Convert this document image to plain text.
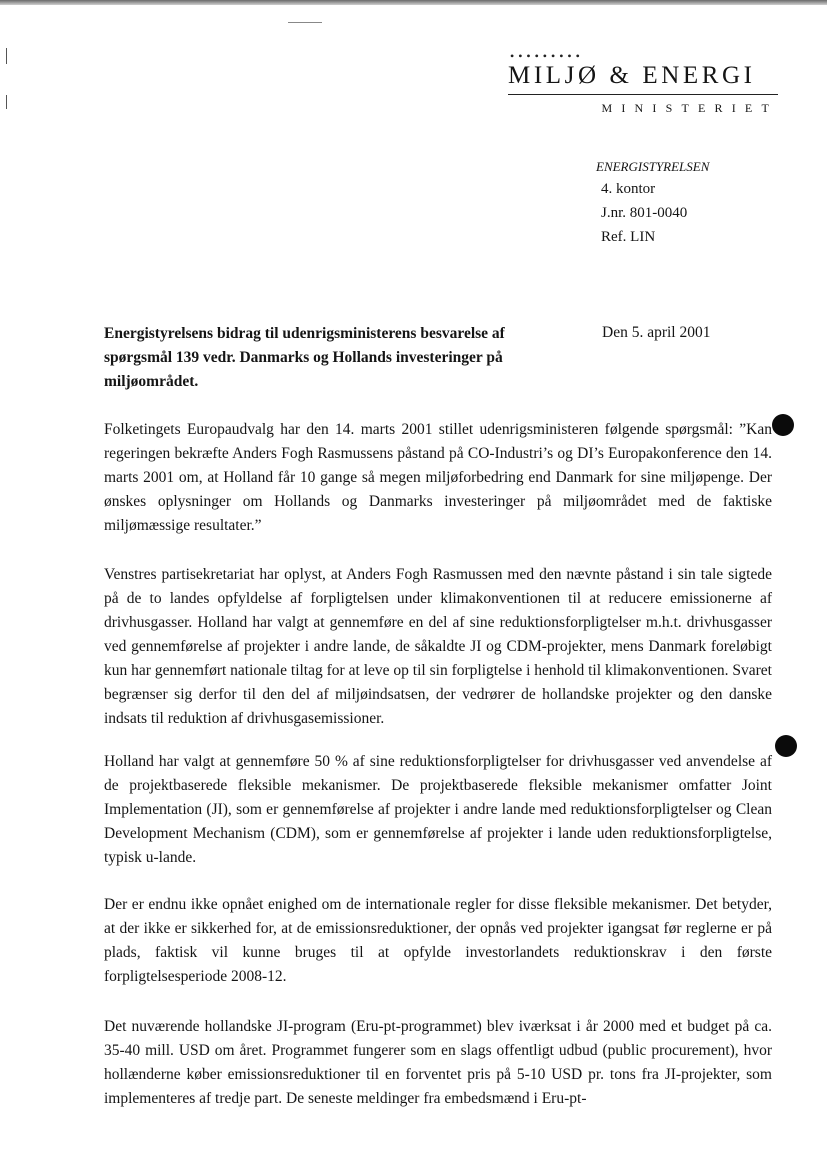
•••••••••
MILJØ & ENERGI
MINISTERIET
ENERGISTYRELSEN
4. kontor
J.nr. 801-0040
Ref. LIN
Energistyrelsens bidrag til udenrigsministerens besvarelse af spørgsmål 139 vedr. Danmarks og Hollands investeringer på miljøområdet.
Den 5. april 2001
Folketingets Europaudvalg har den 14. marts 2001 stillet udenrigsministeren følgende spørgsmål: ”Kan regeringen bekræfte Anders Fogh Rasmussens påstand på CO-Industri’s og DI’s Europakonference den 14. marts 2001 om, at Holland får 10 gange så megen miljøforbedring end Danmark for sine miljøpenge. Der ønskes oplysninger om Hollands og Danmarks investeringer på miljøområdet med de faktiske miljømæssige resultater.”
Venstres partisekretariat har oplyst, at Anders Fogh Rasmussen med den nævnte påstand i sin tale sigtede på de to landes opfyldelse af forpligtelsen under klimakonventionen til at reducere emissionerne af drivhusgasser. Holland har valgt at gennemføre en del af sine reduktionsforpligtelser m.h.t. drivhusgasser ved gennemførelse af projekter i andre lande, de såkaldte JI og CDM-projekter, mens Danmark foreløbigt kun har gennemført nationale tiltag for at leve op til sin forpligtelse i henhold til klimakonventionen. Svaret begrænser sig derfor til den del af miljøindsatsen, der vedrører de hollandske projekter og den danske indsats til reduktion af drivhusgasemissioner.
Holland har valgt at gennemføre 50 % af sine reduktionsforpligtelser for drivhusgasser ved anvendelse af de projektbaserede fleksible mekanismer. De projektbaserede fleksible mekanismer omfatter Joint Implementation (JI), som er gennemførelse af projekter i andre lande med reduktionsforpligtelser og Clean Development Mechanism (CDM), som er gennemførelse af projekter i lande uden reduktionsforpligtelse, typisk u-lande.
Der er endnu ikke opnået enighed om de internationale regler for disse fleksible mekanismer. Det betyder, at der ikke er sikkerhed for, at de emissionsreduktioner, der opnås ved projekter igangsat før reglerne er på plads, faktisk vil kunne bruges til at opfylde investorlandets reduktionskrav i den første forpligtelsesperiode 2008-12.
Det nuværende hollandske JI-program (Eru-pt-programmet) blev iværksat i år 2000 med et budget på ca. 35-40 mill. USD om året. Programmet fungerer som en slags offentligt udbud (public procurement), hvor hollænderne køber emissionsreduktioner til en forventet pris på 5-10 USD pr. tons fra JI-projekter, som implementeres af tredje part. De seneste meldinger fra embedsmænd i Eru-pt-
